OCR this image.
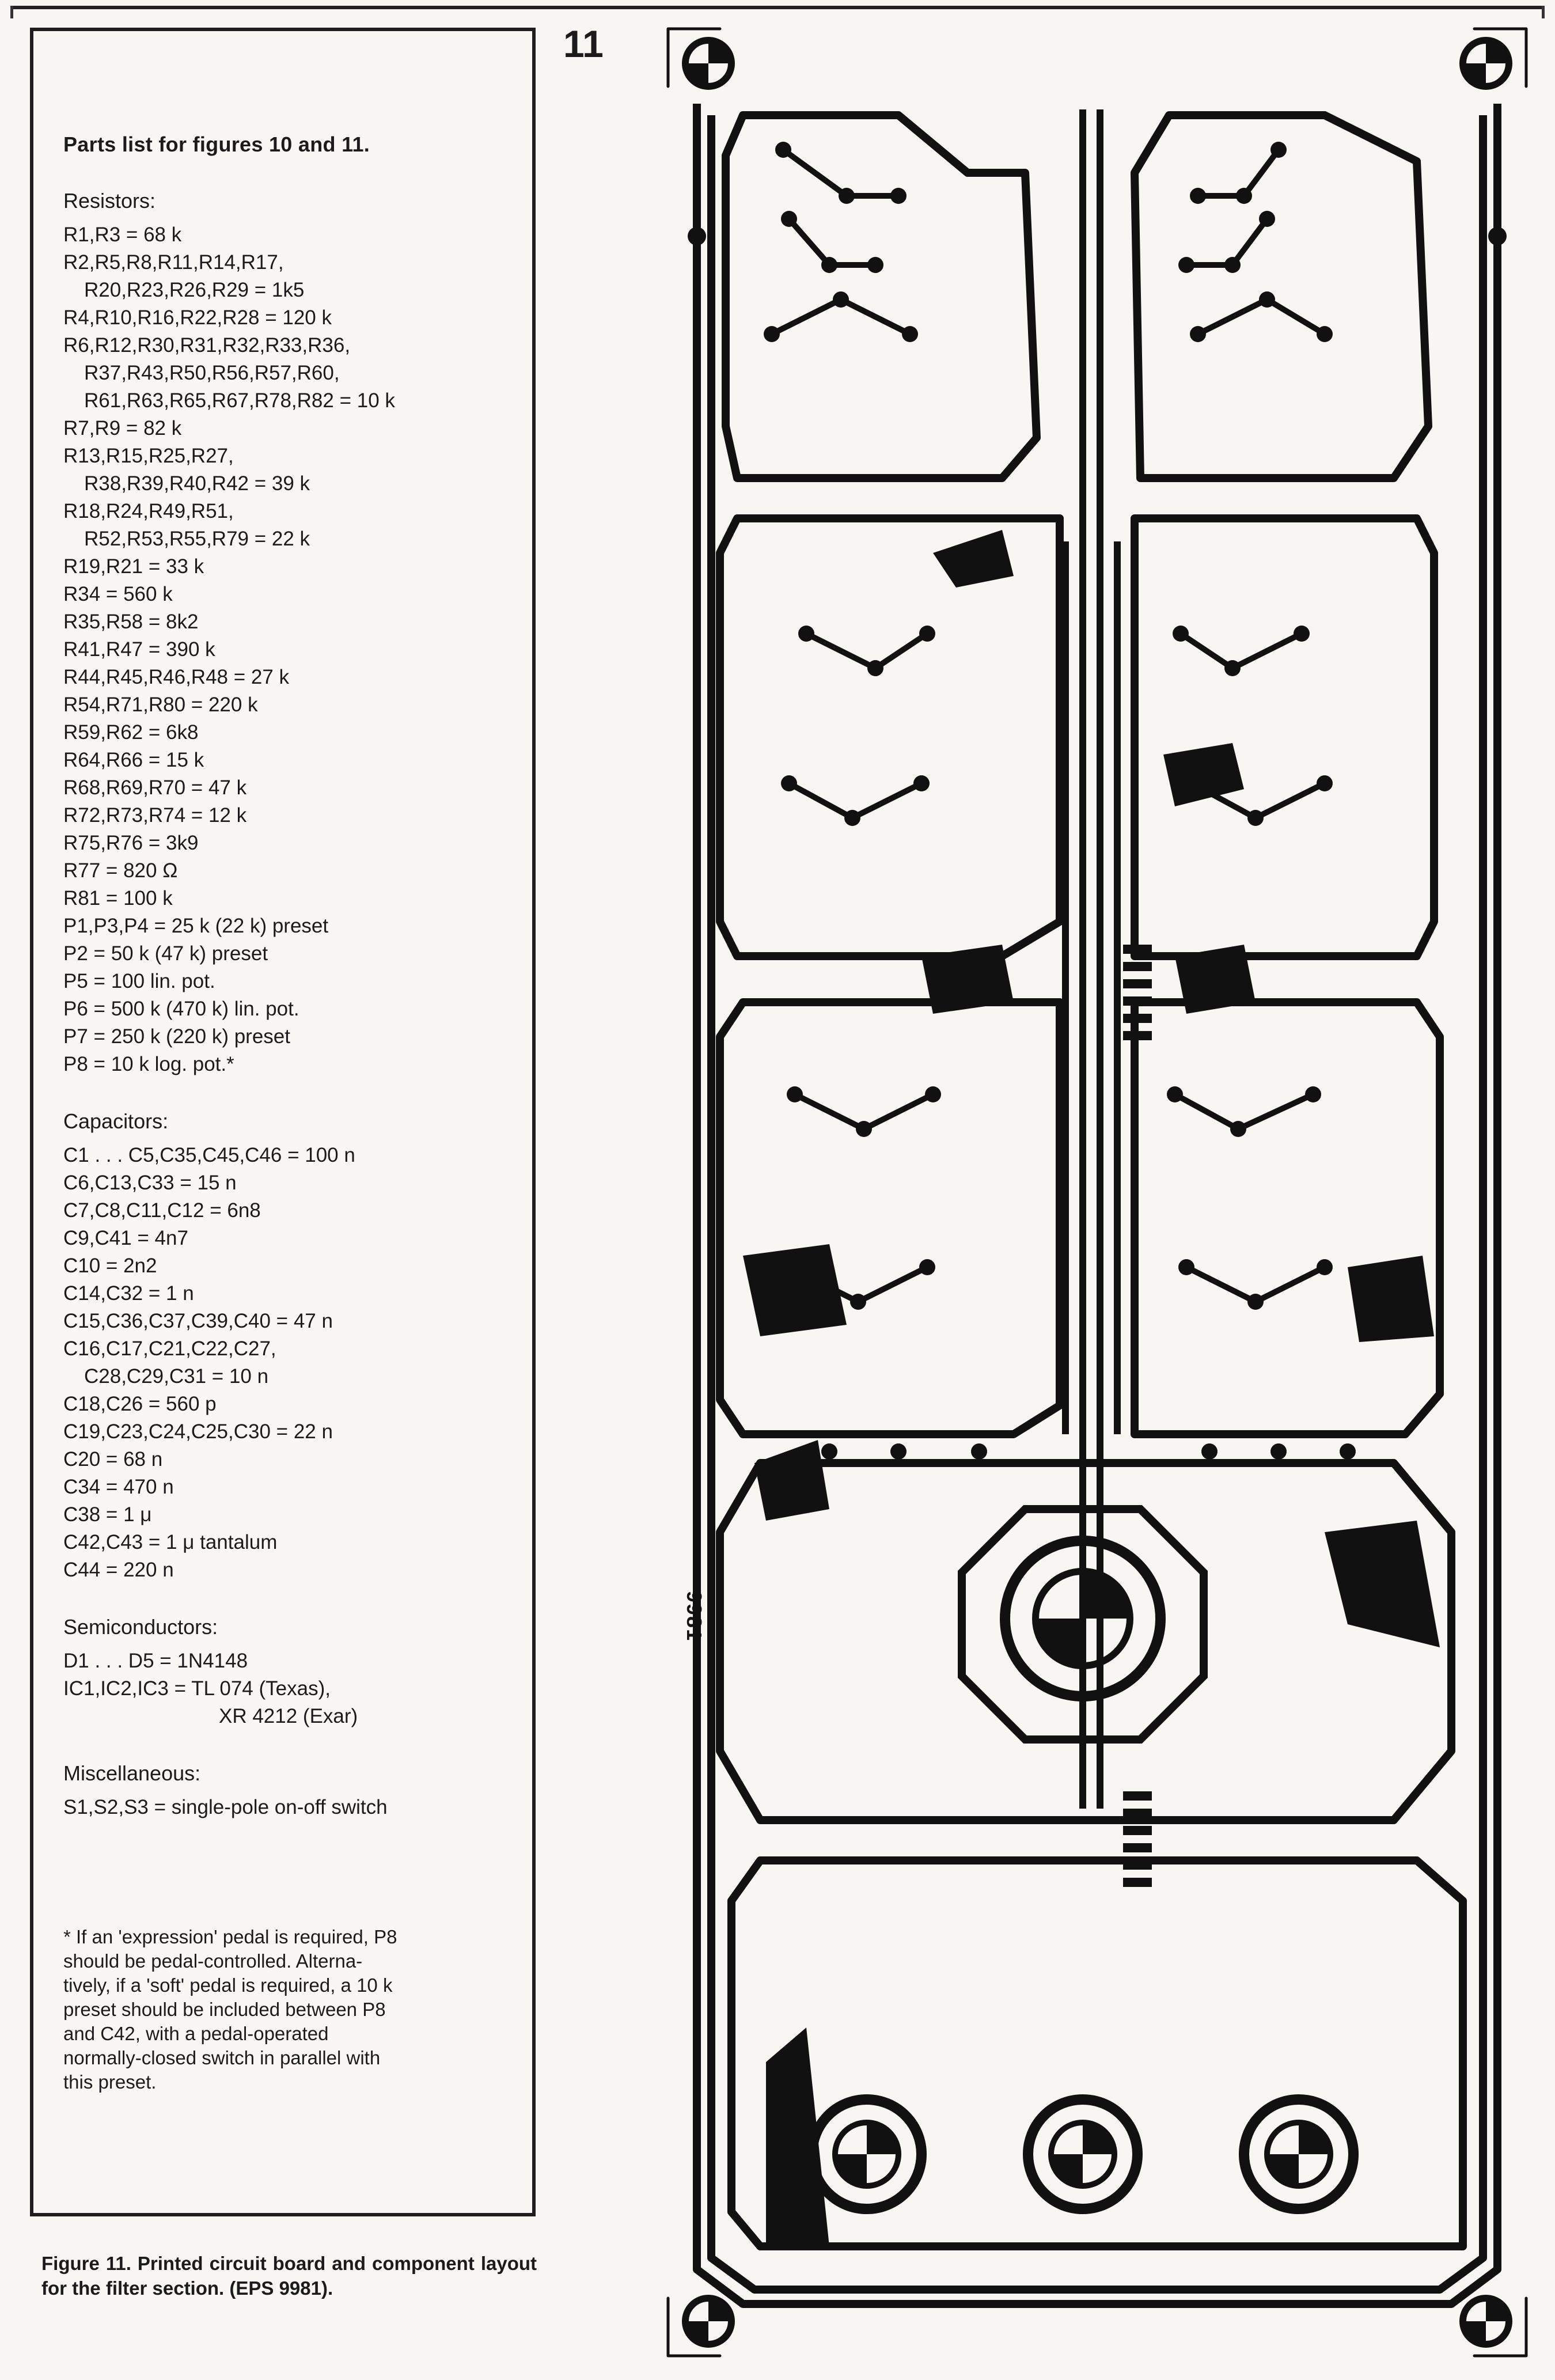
Parts list for figures 10 and 11.
Resistors:
R1,R3 = 68 k
R2,R5,R8,R11,R14,R17,
R20,R23,R26,R29 = 1k5
R4,R10,R16,R22,R28 = 120 k
R6,R12,R30,R31,R32,R33,R36,
R37,R43,R50,R56,R57,R60,
R61,R63,R65,R67,R78,R82 = 10 k
R7,R9 = 82 k
R13,R15,R25,R27,
R38,R39,R40,R42 = 39 k
R18,R24,R49,R51,
R52,R53,R55,R79 = 22 k
R19,R21 = 33 k
R34 = 560 k
R35,R58 = 8k2
R41,R47 = 390 k
R44,R45,R46,R48 = 27 k
R54,R71,R80 = 220 k
R59,R62 = 6k8
R64,R66 = 15 k
R68,R69,R70 = 47 k
R72,R73,R74 = 12 k
R75,R76 = 3k9
R77 = 820 Ω
R81 = 100 k
P1,P3,P4 = 25 k (22 k) preset
P2 = 50 k (47 k) preset
P5 = 100 lin. pot.
P6 = 500 k (470 k) lin. pot.
P7 = 250 k (220 k) preset
P8 = 10 k log. pot.*
Capacitors:
C1 . . . C5,C35,C45,C46 = 100 n
C6,C13,C33 = 15 n
C7,C8,C11,C12 = 6n8
C9,C41 = 4n7
C10 = 2n2
C14,C32 = 1 n
C15,C36,C37,C39,C40 = 47 n
C16,C17,C21,C22,C27,
C28,C29,C31 = 10 n
C18,C26 = 560 p
C19,C23,C24,C25,C30 = 22 n
C20 = 68 n
C34 = 470 n
C38 = 1 μ
C42,C43 = 1 μ tantalum
C44 = 220 n
Semiconductors:
D1 . . . D5 = 1N4148
IC1,IC2,IC3 = TL 074 (Texas),
XR 4212 (Exar)
Miscellaneous:
S1,S2,S3 = single-pole on-off switch
* If an 'expression' pedal is required, P8
should be pedal-controlled. Alterna-
tively, if a 'soft' pedal is required, a 10 k
preset should be included between P8
and C42, with a pedal-operated
normally-closed switch in parallel with
this preset.
Figure 11. Printed circuit board and component layout for the filter section. (EPS 9981).
11
9981
